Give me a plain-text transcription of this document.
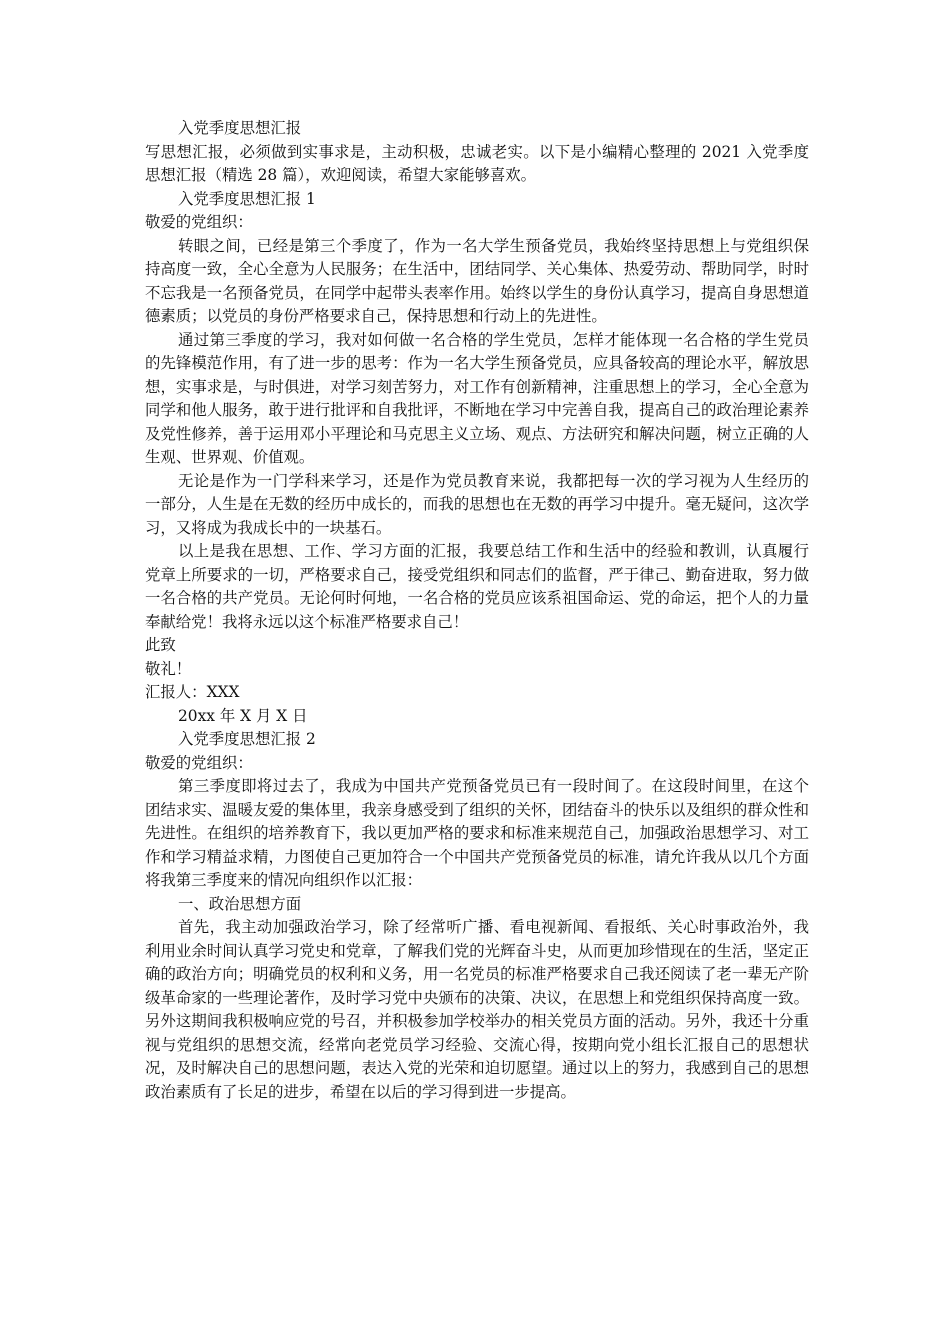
入党季度思想汇报

写思想汇报，必须做到实事求是，主动积极，忠诚老实。以下是小编精心整理的 2021 入党季度思想汇报（精选 28 篇），欢迎阅读，希望大家能够喜欢。

入党季度思想汇报 1

敬爱的党组织：

转眼之间，已经是第三个季度了，作为一名大学生预备党员，我始终坚持思想上与党组织保持高度一致，全心全意为人民服务；在生活中，团结同学、关心集体、热爱劳动、帮助同学，时时不忘我是一名预备党员，在同学中起带头表率作用。始终以学生的身份认真学习，提高自身思想道德素质；以党员的身份严格要求自己，保持思想和行动上的先进性。

通过第三季度的学习，我对如何做一名合格的学生党员，怎样才能体现一名合格的学生党员的先锋模范作用，有了进一步的思考：作为一名大学生预备党员，应具备较高的理论水平，解放思想，实事求是，与时俱进，对学习刻苦努力，对工作有创新精神，注重思想上的学习，全心全意为同学和他人服务，敢于进行批评和自我批评，不断地在学习中完善自我，提高自己的政治理论素养及党性修养，善于运用邓小平理论和马克思主义立场、观点、方法研究和解决问题，树立正确的人生观、世界观、价值观。

无论是作为一门学科来学习，还是作为党员教育来说，我都把每一次的学习视为人生经历的一部分，人生是在无数的经历中成长的，而我的思想也在无数的再学习中提升。毫无疑问，这次学习，又将成为我成长中的一块基石。

以上是我在思想、工作、学习方面的汇报，我要总结工作和生活中的经验和教训，认真履行党章上所要求的一切，严格要求自己，接受党组织和同志们的监督，严于律己、勤奋进取，努力做一名合格的共产党员。无论何时何地，一名合格的党员应该系祖国命运、党的命运，把个人的力量奉献给党！我将永远以这个标准严格要求自己！

此致

敬礼！

汇报人：XXX

20xx 年 X 月 X 日

入党季度思想汇报 2

敬爱的党组织：

第三季度即将过去了，我成为中国共产党预备党员已有一段时间了。在这段时间里，在这个团结求实、温暖友爱的集体里，我亲身感受到了组织的关怀，团结奋斗的快乐以及组织的群众性和先进性。在组织的培养教育下，我以更加严格的要求和标准来规范自己，加强政治思想学习、对工作和学习精益求精，力图使自己更加符合一个中国共产党预备党员的标准，请允许我从以几个方面将我第三季度来的情况向组织作以汇报：

一、政治思想方面

首先，我主动加强政治学习，除了经常听广播、看电视新闻、看报纸、关心时事政治外，我利用业余时间认真学习党史和党章，了解我们党的光辉奋斗史，从而更加珍惜现在的生活，坚定正确的政治方向；明确党员的权利和义务，用一名党员的标准严格要求自己我还阅读了老一辈无产阶级革命家的一些理论著作，及时学习党中央颁布的决策、决议，在思想上和党组织保持高度一致。另外这期间我积极响应党的号召，并积极参加学校举办的相关党员方面的活动。另外，我还十分重视与党组织的思想交流，经常向老党员学习经验、交流心得，按期向党小组长汇报自己的思想状况，及时解决自己的思想问题，表达入党的光荣和迫切愿望。通过以上的努力，我感到自己的思想政治素质有了长足的进步，希望在以后的学习得到进一步提高。
